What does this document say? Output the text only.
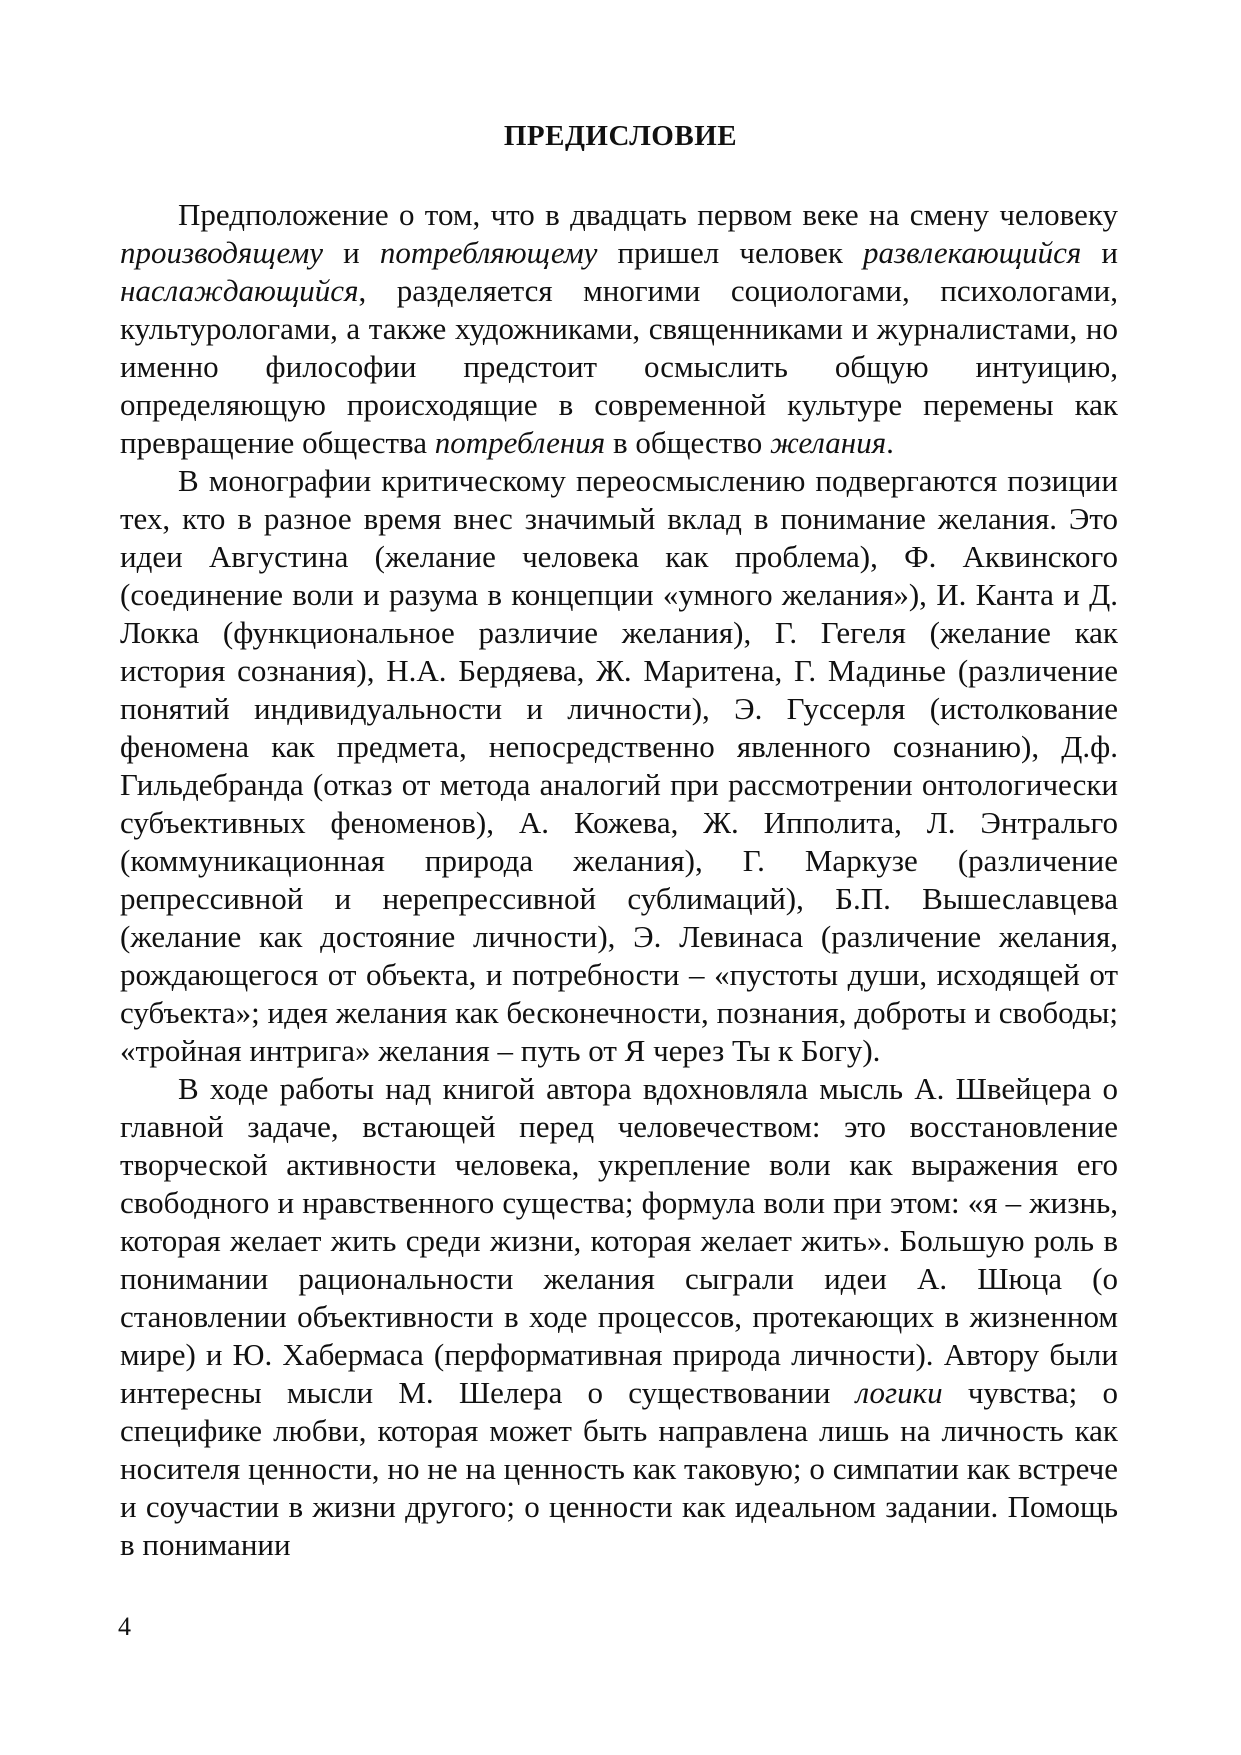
ПРЕДИСЛОВИЕ

Предположение о том, что в двадцать первом веке на смену человеку производящему и потребляющему пришел человек развлекающийся и наслаждающийся, разделяется многими социологами, психологами, культурологами, а также художниками, священниками и журналистами, но именно философии предстоит осмыслить общую интуицию, определяющую происходящие в современной культуре перемены как превращение общества потребления в общество желания.

В монографии критическому переосмыслению подвергаются позиции тех, кто в разное время внес значимый вклад в понимание желания. Это идеи Августина (желание человека как проблема), Ф. Аквинского (соединение воли и разума в концепции «умного желания»), И. Канта и Д. Локка (функциональное различие желания), Г. Гегеля (желание как история сознания), Н.А. Бердяева, Ж. Маритена, Г. Мадинье (различение понятий индивидуальности и личности), Э. Гуссерля (истолкование феномена как предмета, непосредственно явленного сознанию), Д.ф. Гильдебранда (отказ от метода аналогий при рассмотрении онтологически субъективных феноменов), А. Кожева, Ж. Ипполита, Л. Энтральго (коммуникационная природа желания), Г. Маркузе (различение репрессивной и нерепрессивной сублимаций), Б.П. Вышеславцева (желание как достояние личности), Э. Левинаса (различение желания, рождающегося от объекта, и потребности – «пустоты души, исходящей от субъекта»; идея желания как бесконечности, познания, доброты и свободы; «тройная интрига» желания – путь от Я через Ты к Богу).

В ходе работы над книгой автора вдохновляла мысль А. Швейцера о главной задаче, встающей перед человечеством: это восстановление творческой активности человека, укрепление воли как выражения его свободного и нравственного существа; формула воли при этом: «я – жизнь, которая желает жить среди жизни, которая желает жить». Большую роль в понимании рациональности желания сыграли идеи А. Шюца (о становлении объективности в ходе процессов, протекающих в жизненном мире) и Ю. Хабермаса (перформативная природа личности). Автору были интересны мысли М. Шелера о существовании логики чувства; о специфике любви, которая может быть направлена лишь на личность как носителя ценности, но не на ценность как таковую; о симпатии как встрече и соучастии в жизни другого; о ценности как идеальном задании. Помощь в понимании

4
